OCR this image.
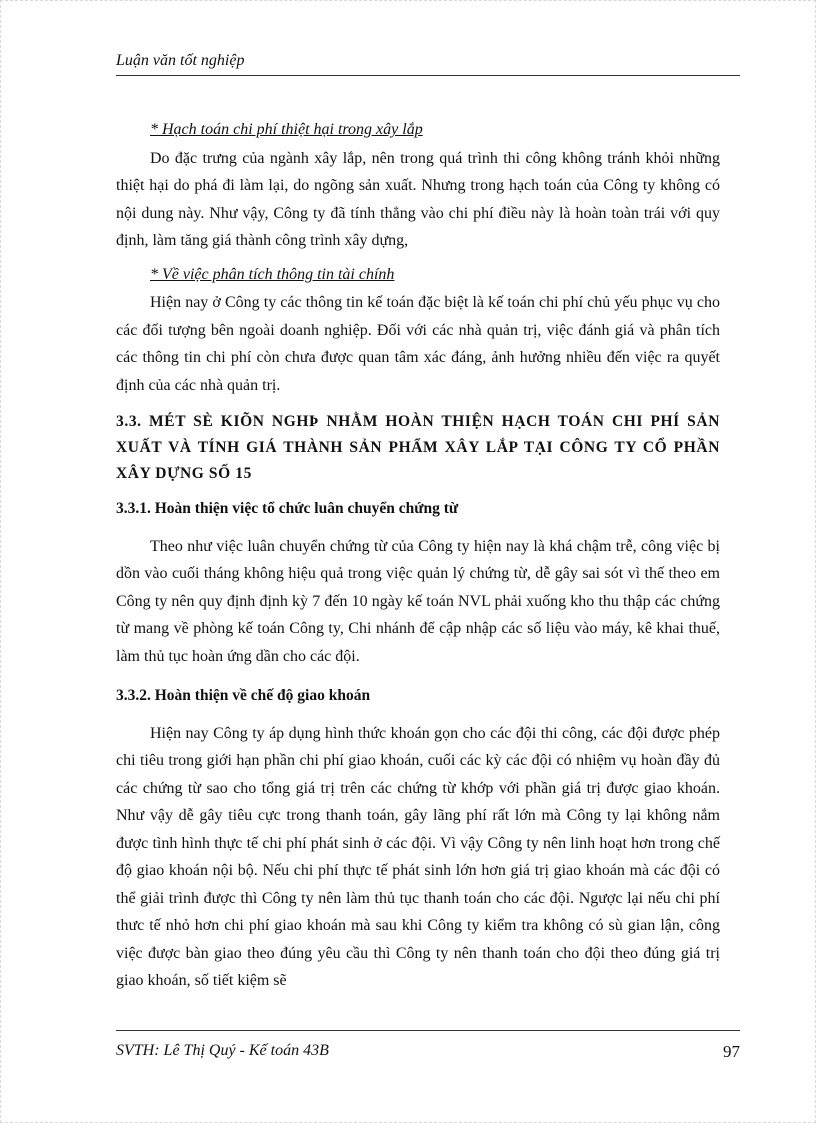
Luận văn tốt nghiệp

* Hạch toán chi phí thiệt hại trong xây lắp

Do đặc trưng của ngành xây lắp, nên trong quá trình thi công không tránh khỏi những thiệt hại do phá đi làm lại, do ngõng sản xuất. Nhưng trong hạch toán của Công ty không có nội dung này. Như vậy, Công ty đã tính thẳng vào chi phí điều này là hoàn toàn trái với quy định, làm tăng giá thành công trình xây dựng,

* Về việc phân tích thông tin tài chính

Hiện nay ở Công ty các thông tin kế toán đặc biệt là kế toán chi phí chủ yếu phục vụ cho các đối tượng bên ngoài doanh nghiệp. Đối với các nhà quản trị, việc đánh giá và phân tích các thông tin chi phí còn chưa được quan tâm xác đáng, ảnh hưởng nhiều đến việc ra quyết định của các nhà quản trị.

3.3. MÉT SÈ KIÕN NGHÞ NHẰM HOÀN THIỆN HẠCH TOÁN CHI PHÍ SẢN XUẤT VÀ TÍNH GIÁ THÀNH SẢN PHẨM XÂY LẮP TẠI CÔNG TY CỔ PHẦN XÂY DỰNG SỐ 15

3.3.1. Hoàn thiện việc tổ chức luân chuyển chứng từ

Theo như việc luân chuyển chứng từ của Công ty hiện nay là khá chậm trễ, công việc bị dồn vào cuối tháng không hiệu quả trong việc quản lý chứng từ, dễ gây sai sót vì thế theo em Công ty nên quy định định kỳ 7 đến 10 ngày kế toán NVL phải xuống kho thu thập các chứng từ mang về phòng kế toán Công ty, Chi nhánh để cập nhập các số liệu vào máy, kê khai thuế, làm thủ tục hoàn ứng dần cho các đội.

3.3.2. Hoàn thiện về chế độ giao khoán

Hiện nay Công ty áp dụng hình thức khoán gọn cho các đội thi công, các đội được phép chi tiêu trong giới hạn phần chi phí giao khoán, cuối các kỳ các đội có nhiệm vụ hoàn đầy đủ các chứng từ sao cho tổng giá trị trên các chứng từ khớp với phần giá trị được giao khoán. Như vậy dễ gây tiêu cực trong thanh toán, gây lãng phí rất lớn mà Công ty lại không nắm được tình hình thực tế chi phí phát sinh ở các đội. Vì vậy Công ty nên linh hoạt hơn trong chế độ giao khoán nội bộ. Nếu chi phí thực tế phát sinh lớn hơn giá trị giao khoán mà các đội có thể giải trình được thì Công ty nên làm thủ tục thanh toán cho các đội. Ngược lại nếu chi phí thưc tế nhỏ hơn chi phí giao khoán mà sau khi Công ty kiểm tra không có sù gian lận, công việc được bàn giao theo đúng yêu cầu thì Công ty nên thanh toán cho đội theo đúng giá trị giao khoán, số tiết kiệm sẽ

SVTH: Lê Thị Quý - Kế toán 43B	97
